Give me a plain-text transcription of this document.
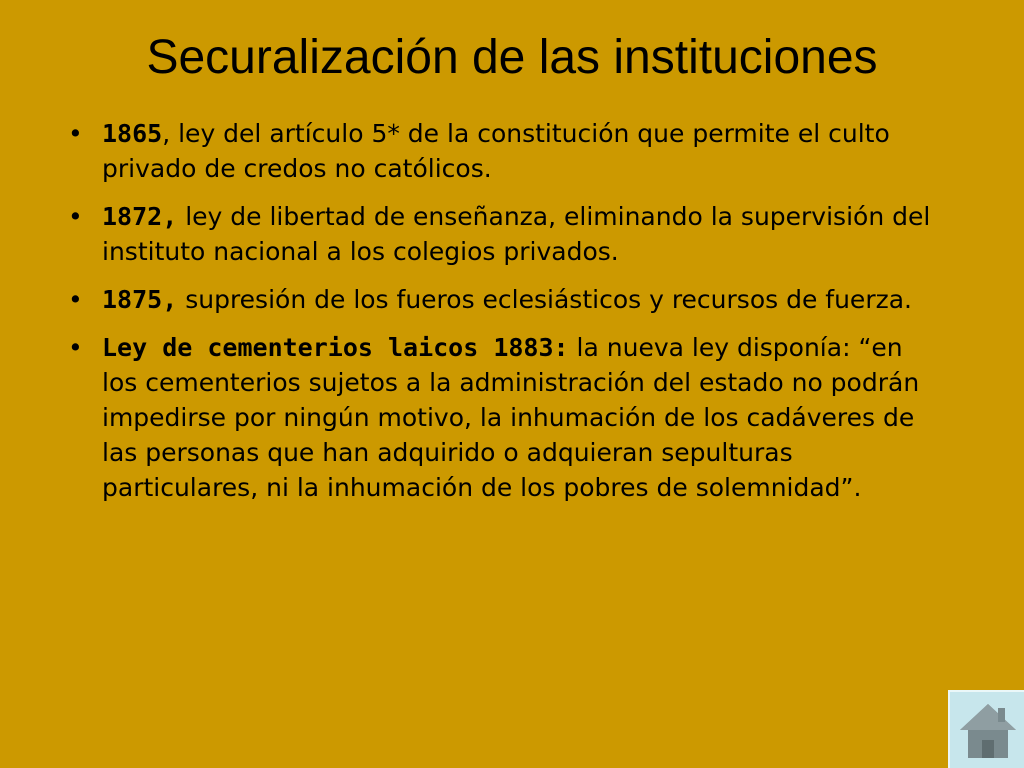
Securalización de las instituciones
• 1865, ley del artículo 5* de la constitución que permite el culto privado de credos no católicos.
• 1872, ley de libertad de enseñanza, eliminando la supervisión del instituto nacional a los colegios privados.
• 1875, supresión de los fueros eclesiásticos y recursos de fuerza.
• Ley de cementerios laicos 1883: la nueva ley disponía: “en los cementerios sujetos a la administración del estado no podrán impedirse por ningún motivo, la inhumación de los cadáveres de las personas que han adquirido o adquieran sepulturas particulares, ni la inhumación de los pobres de solemnidad”.
